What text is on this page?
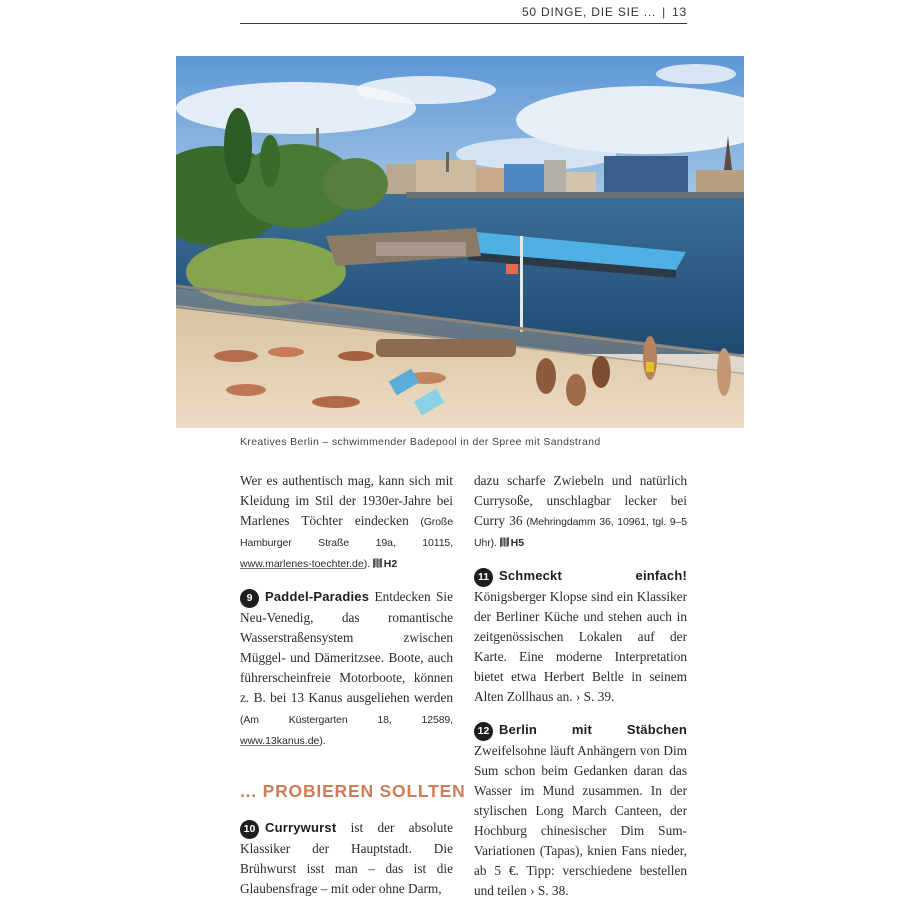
50 DINGE, DIE SIE ... | 13
Kreatives Berlin – schwimmender Badepool in der Spree mit Sandstrand

Wer es authentisch mag, kann sich mit Kleidung im Stil der 1930er-Jahre bei Marlenes Töchter eindecken (Große Hamburger Straße 19a, 10115, www.marlenes-toechter.de). H2

9 Paddel-Paradies Entdecken Sie Neu-Venedig, das romantische Wasserstraßensystem zwischen Müggel- und Dämeritzsee. Boote, auch führerscheinfreie Motorboote, können z. B. bei 13 Kanus ausgeliehen werden (Am Küstergarten 18, 12589, www.13kanus.de).

... PROBIEREN SOLLTEN

10 Currywurst ist der absolute Klassiker der Hauptstadt. Die Brühwurst isst man – das ist die Glaubensfrage – mit oder ohne Darm,

dazu scharfe Zwiebeln und natürlich Currysoße, unschlagbar lecker bei Curry 36 (Mehringdamm 36, 10961, tgl. 9–5 Uhr). H5

11 Schmeckt einfach! Königsberger Klopse sind ein Klassiker der Berliner Küche und stehen auch in zeitgenössischen Lokalen auf der Karte. Eine moderne Interpretation bietet etwa Herbert Beltle in seinem Alten Zollhaus an. › S. 39.

12 Berlin mit Stäbchen Zweifelsohne läuft Anhängern von Dim Sum schon beim Gedanken daran das Wasser im Mund zusammen. In der stylischen Long March Canteen, der Hochburg chinesischer Dim Sum-Variationen (Tapas), knien Fans nieder, ab 5 €. Tipp: verschiedene bestellen und teilen › S. 38.
